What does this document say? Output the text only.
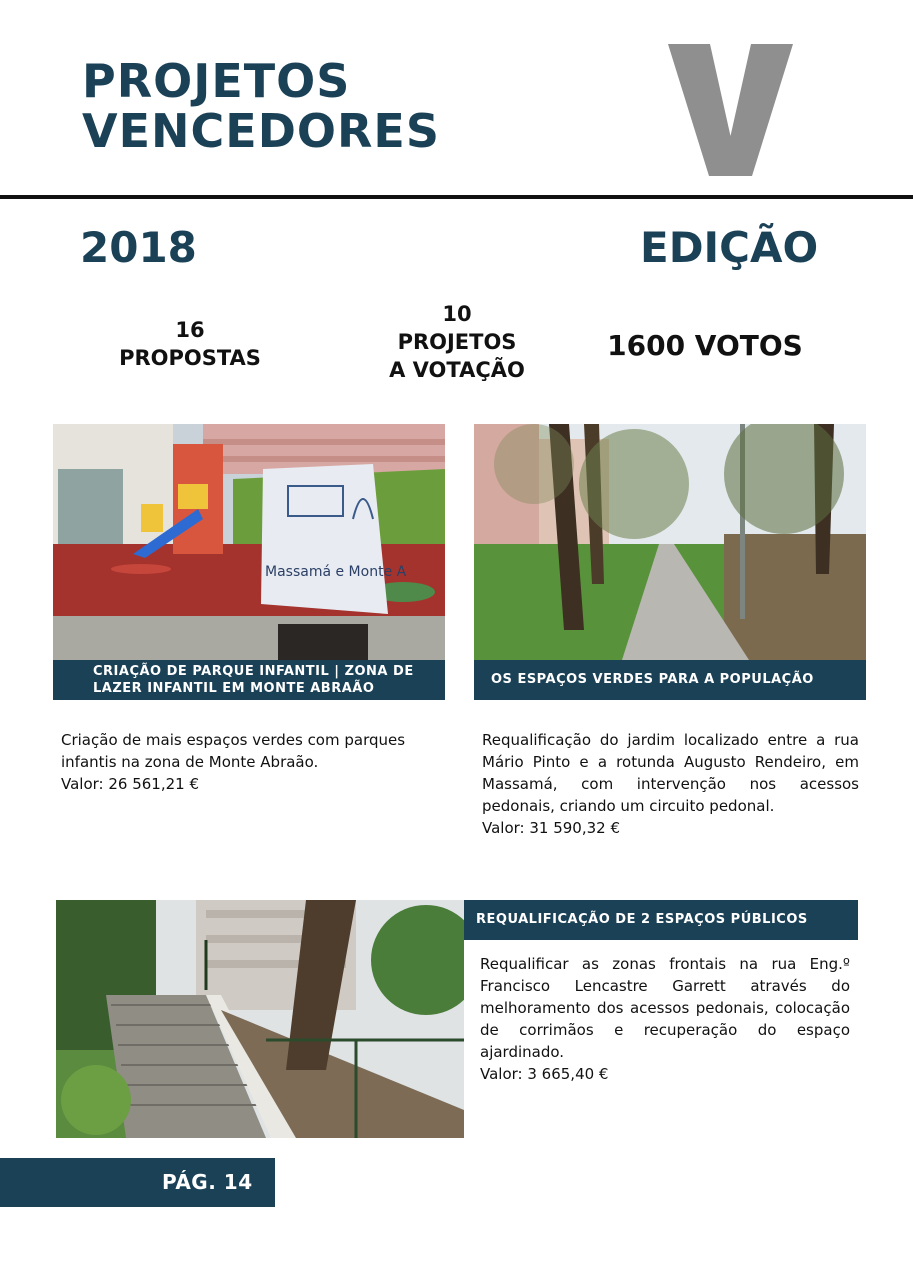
PROJETOS
VENCEDORES
2018	EDIÇÃO
16
PROPOSTAS
10
PROJETOS
A VOTAÇÃO
1600 VOTOS
Massamá e Monte A
CRIAÇÃO DE PARQUE INFANTIL | ZONA DE
LAZER INFANTIL EM MONTE ABRAÃO
OS ESPAÇOS VERDES PARA A POPULAÇÃO
Criação de mais espaços verdes com parques infantis na zona de Monte Abraão.
Valor: 26 561,21 €
Requalificação do jardim localizado entre a rua Mário Pinto e a rotunda Augusto Rendeiro, em Massamá, com intervenção nos acessos pedonais, criando um circuito pedonal.
Valor: 31 590,32 €
REQUALIFICAÇÃO DE 2 ESPAÇOS PÚBLICOS
Requalificar as zonas frontais na rua Eng.º Francisco Lencastre Garrett através do melhoramento dos acessos pedonais, colocação de corrimãos e recuperação do espaço ajardinado.
Valor: 3 665,40 €
PÁG. 14
